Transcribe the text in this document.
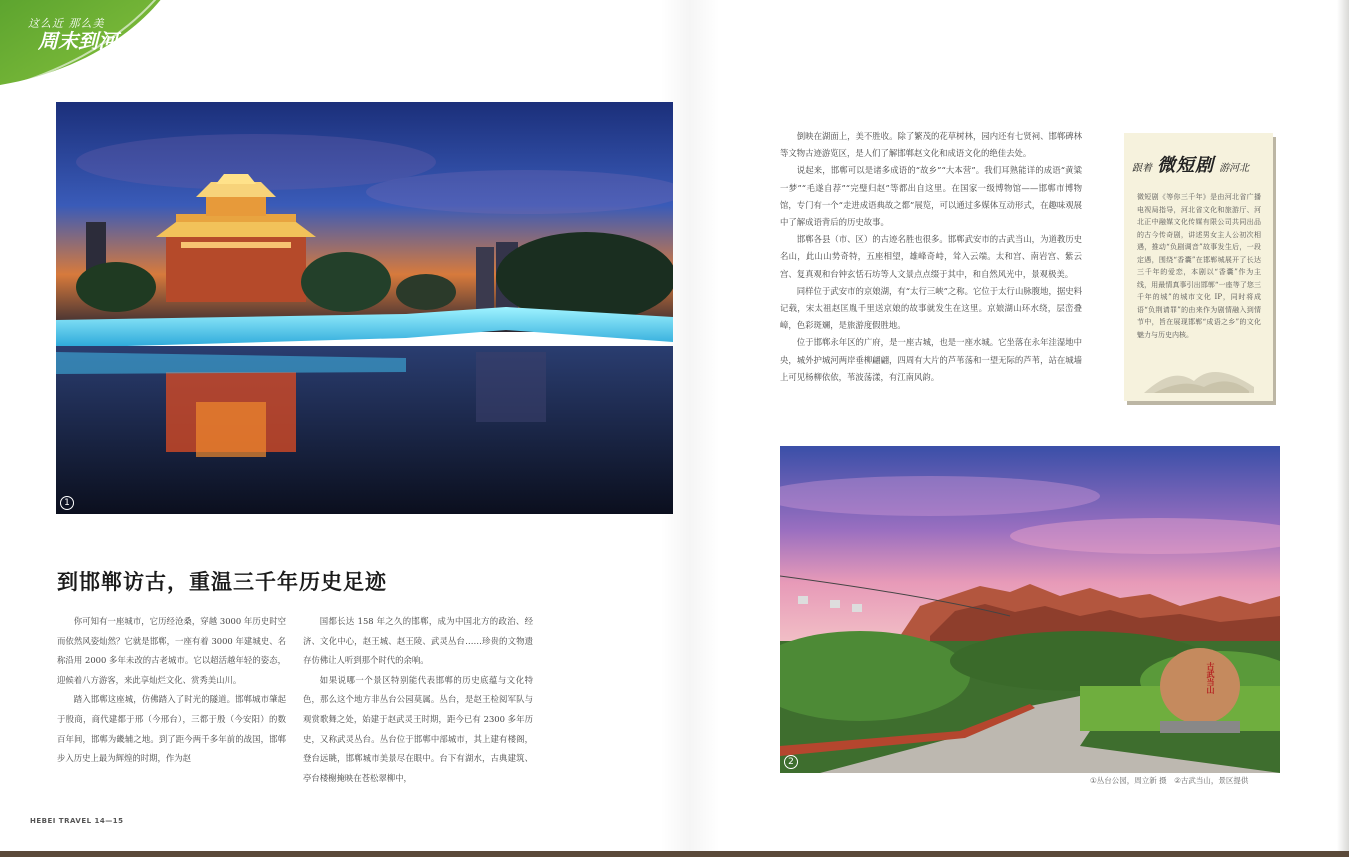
这么近 那么美
周末到河北
1
到邯郸访古，重温三千年历史足迹

你可知有一座城市，它历经沧桑，穿越 3000 年历史时空而依然风姿灿然？它就是邯郸，一座有着 3000 年建城史、名称沿用 2000 多年未改的古老城市。它以超活越年轻的姿态，迎候着八方游客，来此享灿烂文化、赏秀美山川。

踏入邯郸这座城，仿佛踏入了时光的隧道。邯郸城市肇起于殷商，商代建都于邢（今邢台），三都于殷（今安阳）的数百年间，邯郸为畿辅之地。到了距今两千多年前的战国，邯郸步入历史上最为辉煌的时期，作为赵

国都长达 158 年之久的邯郸，成为中国北方的政治、经济、文化中心，赵王城、赵王陵、武灵丛台……珍贵的文物遗存仿佛让人听到那个时代的余响。

如果说哪一个景区特别能代表邯郸的历史底蕴与文化特色，那么这个地方非丛台公园莫属。丛台，是赵王检阅军队与观赏歌舞之处，始建于赵武灵王时期，距今已有 2300 多年历史，又称武灵丛台。丛台位于邯郸中部城市，其上建有楼阁，登台远眺，邯郸城市美景尽在眼中。台下有湖水，古典建筑、亭台楼榭掩映在苍松翠柳中，

倒映在湖面上，美不胜收。除了繁茂的花草树林，园内还有七贤祠、邯郸碑林等文物古迹游览区，是人们了解邯郸赵文化和成语文化的绝佳去处。

说起来，邯郸可以是诸多成语的“故乡”“大本营”。我们耳熟能详的成语“黄粱一梦”“毛遂自荐”“完璧归赵”等都出自这里。在国家一级博物馆——邯郸市博物馆，专门有一个“走进成语典故之都”展览，可以通过多媒体互动形式，在趣味观展中了解成语背后的历史故事。

邯郸各县（市、区）的古迹名胜也很多。邯郸武安市的古武当山，为道教历史名山，此山山势奇特，五座相望，雄峰奇峙，耸入云端。太和宫、南岩宫、紫云宫、复真观和台钟玄恬石坊等人文景点点缀于其中，和自然风光中，景观极美。

同样位于武安市的京娘湖，有“太行三峡”之称。它位于太行山脉腹地，据史料记载，宋太祖赵匡胤千里送京娘的故事就发生在这里。京娘湖山环水绕，层峦叠嶂，色彩斑斓，是旅游度假胜地。

位于邯郸永年区的广府，是一座古城，也是一座水城。它坐落在永年洼湿地中央，城外护城河两岸垂柳翩翩，四周有大片的芦苇荡和一望无际的芦苇，站在城墙上可见杨柳依依，苇波荡漾，有江南风韵。

跟着 微短剧 游河北
微短剧《等你三千年》是由河北省广播电视局指导，河北省文化和旅游厅、河北正中融媒文化传媒有限公司共同出品的古今传奇剧，讲述男女主人公初次相遇，推动“负剧调音”故事发生后，一段定遇，围绕“香囊”在邯郸城展开了长达三千年的爱恋，本剧以“香囊”作为主线，用最情真事引出邯郸“一座等了您三千年的城”的城市文化 IP，同时将成语“负荆请罪”的由来作为剧情融入到情节中，旨在展现邯郸“成语之乡”的文化魅力与历史内核。
古武当山
2
①丛台公园，周立新 摄　②古武当山，景区提供
HEBEI TRAVEL 14—15
